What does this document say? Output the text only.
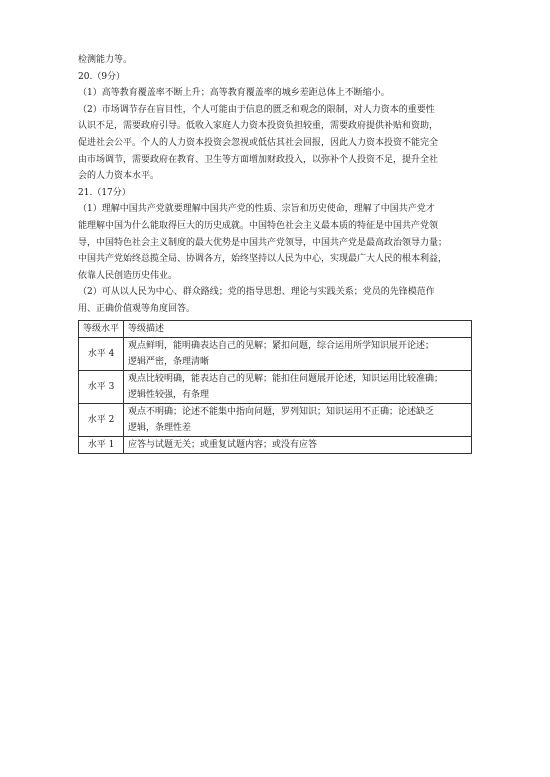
检测能力等。
20.（9分）
（1）高等教育覆盖率不断上升；高等教育覆盖率的城乡差距总体上不断缩小。
（2）市场调节存在盲目性，个人可能由于信息的匮乏和观念的限制，对人力资本的重要性
认识不足，需要政府引导。低收入家庭人力资本投资负担较重，需要政府提供补贴和资助，
促进社会公平。个人的人力资本投资会忽视或低估其社会回报，因此人力资本投资不能完全
由市场调节，需要政府在教育、卫生等方面增加财政投入，以弥补个人投资不足，提升全社
会的人力资本水平。
21.（17分）
（1）理解中国共产党就要理解中国共产党的性质、宗旨和历史使命，理解了中国共产党才
能理解中国为什么能取得巨大的历史成就。中国特色社会主义最本质的特征是中国共产党领
导，中国特色社会主义制度的最大优势是中国共产党领导，中国共产党是最高政治领导力量；
中国共产党始终总揽全局、协调各方，始终坚持以人民为中心，实现最广大人民的根本利益，
依靠人民创造历史伟业。
（2）可从以人民为中心、群众路线；党的指导思想、理论与实践关系；党员的先锋模范作
用、正确价值观等角度回答。
等级水平	等级描述
水平 4	观点鲜明，能明确表达自己的见解；紧扣问题，综合运用所学知识展开论述；
逻辑严密，条理清晰

水平 3	观点比较明确，能表达自己的见解；能扣住问题展开论述，知识运用比较准确；
逻辑性较强，有条理

水平 2	观点不明确；论述不能集中指向问题，罗列知识；知识运用不正确；论述缺乏
逻辑，条理性差

水平 1	应答与试题无关；或重复试题内容；或没有应答
